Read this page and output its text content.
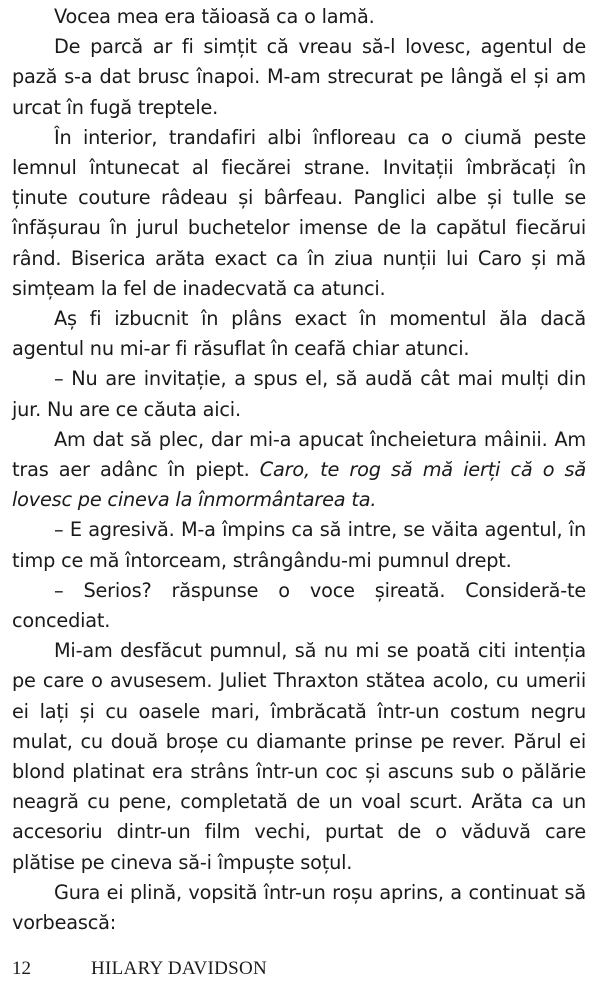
Vocea mea era tăioasă ca o lamă.

De parcă ar fi simțit că vreau să-l lovesc, agentul de pază s-a dat brusc înapoi. M-am strecurat pe lângă el și am urcat în fugă treptele.

În interior, trandafiri albi înfloreau ca o ciumă peste lemnul întunecat al fiecărei strane. Invitații îmbrăcați în ținute couture râdeau și bârfeau. Panglici albe și tulle se înfășurau în jurul buchetelor imense de la capătul fiecărui rând. Biserica arăta exact ca în ziua nunții lui Caro și mă simțeam la fel de inadecvată ca atunci.

Aș fi izbucnit în plâns exact în momentul ăla dacă agentul nu mi-ar fi răsuflat în ceafă chiar atunci.

– Nu are invitație, a spus el, să audă cât mai mulți din jur. Nu are ce căuta aici.

Am dat să plec, dar mi-a apucat încheietura mâinii. Am tras aer adânc în piept. Caro, te rog să mă ierți că o să lovesc pe cineva la înmormântarea ta.

– E agresivă. M-a împins ca să intre, se văita agentul, în timp ce mă întorceam, strângându-mi pumnul drept.

– Serios? răspunse o voce șireată. Consideră-te concediat.

Mi-am desfăcut pumnul, să nu mi se poată citi intenția pe care o avusesem. Juliet Thraxton stătea acolo, cu umerii ei lați și cu oasele mari, îmbrăcată într-un costum negru mulat, cu două broșe cu diamante prinse pe rever. Părul ei blond platinat era strâns într-un coc și ascuns sub o pălărie neagră cu pene, completată de un voal scurt. Arăta ca un accesoriu dintr-un film vechi, purtat de o văduvă care plătise pe cineva să-i împuște soțul.

Gura ei plină, vopsită într-un roșu aprins, a continuat să vorbească:

12	HILARY DAVIDSON
